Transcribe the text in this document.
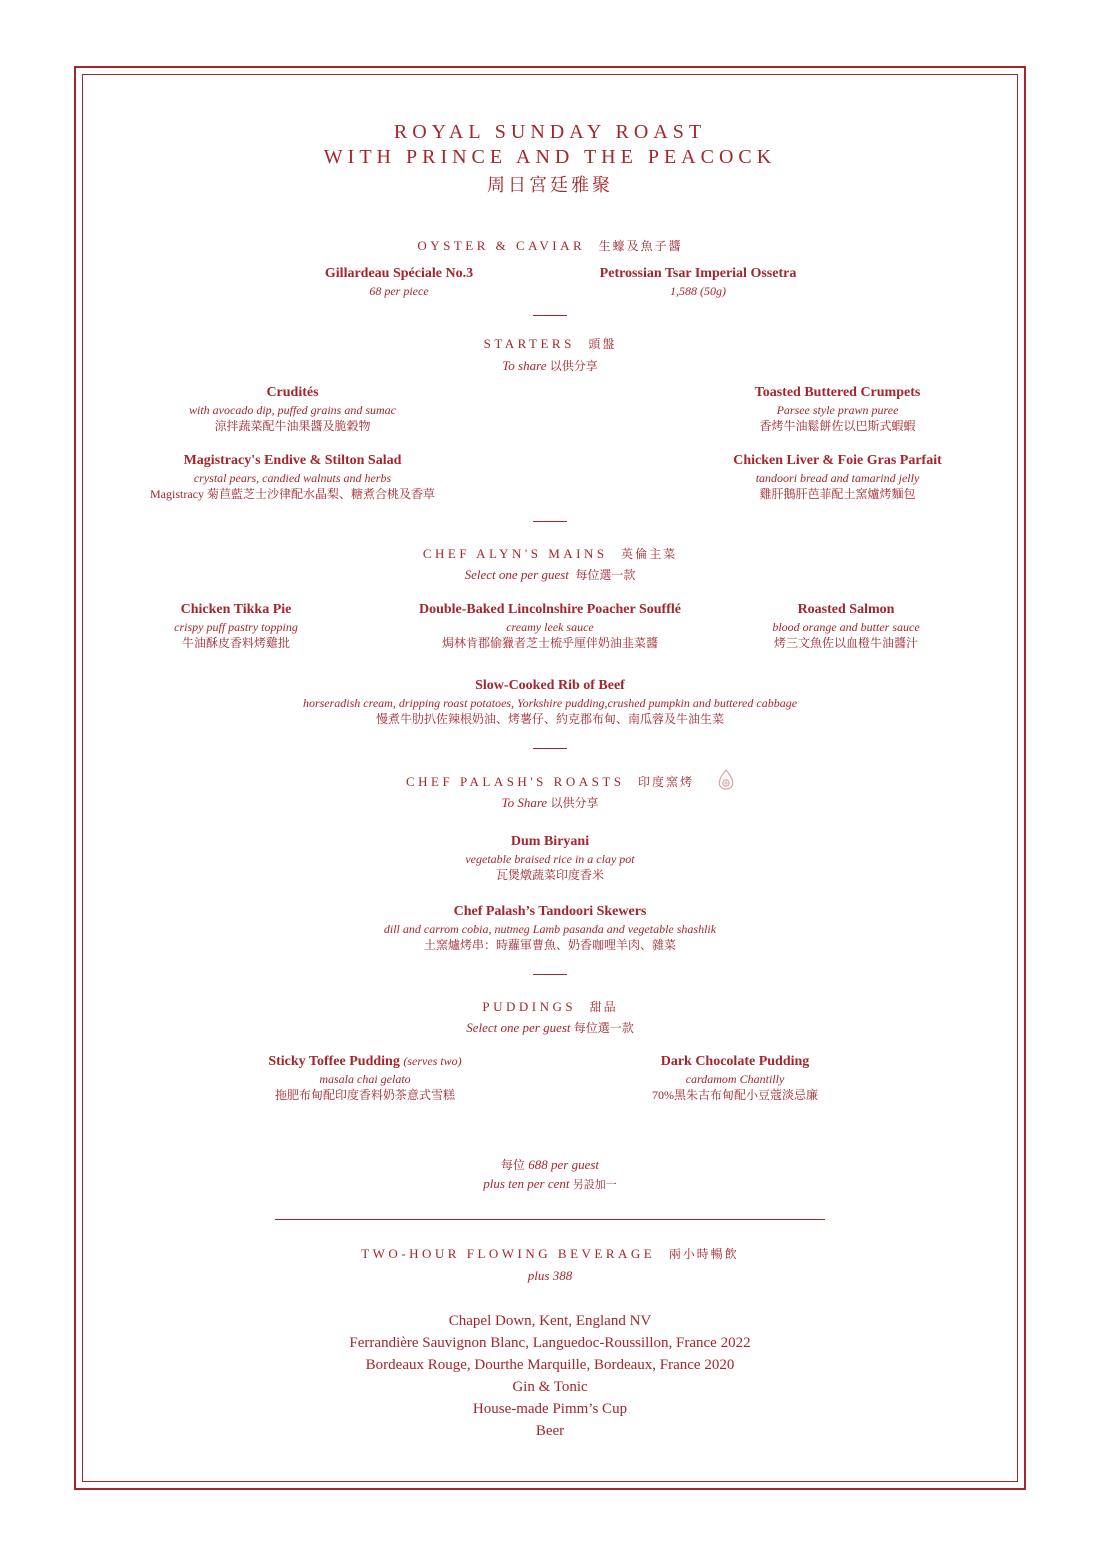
ROYAL SUNDAY ROAST
WITH PRINCE AND THE PEACOCK
周日宮廷雅聚
OYSTER & CAVIAR 生蠔及魚子醬
Gillardeau Spéciale No.3
68 per piece
Petrossian Tsar Imperial Ossetra
1,588 (50g)
STARTERS 頭盤
To share 以供分享
Crudités
with avocado dip, puffed grains and sumac
涼拌蔬菜配牛油果醬及脆穀物
Toasted Buttered Crumpets
Parsee style prawn puree
香烤牛油鬆餅佐以巴斯式蝦蝦
Magistracy's Endive & Stilton Salad
crystal pears, candied walnuts and herbs
Magistracy 菊苣藍芝士沙律配水晶梨、糖煮合桃及香草
Chicken Liver & Foie Gras Parfait
tandoori bread and tamarind jelly
雞肝鵝肝芭菲配土窯爐烤麵包
CHEF ALYN'S MAINS 英倫主菜
Select one per guest 每位選一款
Chicken Tikka Pie
crispy puff pastry topping
牛油酥皮香料烤雞批
Double-Baked Lincolnshire Poacher Soufflé
creamy leek sauce
焗林肯郡偷獵者芝士梳乎厘伴奶油韭菜醬
Roasted Salmon
blood orange and butter sauce
烤三文魚佐以血橙牛油醬汁
Slow-Cooked Rib of Beef
horseradish cream, dripping roast potatoes, Yorkshire pudding,crushed pumpkin and buttered cabbage
慢煮牛肋扒佐辣根奶油、烤薯仔、約克郡布甸、南瓜蓉及牛油生菜
CHEF PALASH'S ROASTS 印度窯烤
To Share 以供分享
Dum Biryani
vegetable braised rice in a clay pot
瓦煲燉蔬菜印度香米
Chef Palash’s Tandoori Skewers
dill and carrom cobia, nutmeg Lamb pasanda and vegetable shashlik
土窯爐烤串：時蘿軍曹魚、奶香咖哩羊肉、雜菜
PUDDINGS 甜品
Select one per guest 每位選一款
Sticky Toffee Pudding (serves two)
masala chai gelato
拖肥布甸配印度香料奶茶意式雪糕
Dark Chocolate Pudding
cardamom Chantilly
70%黑朱古布甸配小豆蔻淡忌廉
每位 688 per guest
plus ten per cent 另設加一
TWO-HOUR FLOWING BEVERAGE 兩小時暢飲
plus 388
Chapel Down, Kent, England NV
Ferrandière Sauvignon Blanc, Languedoc-Roussillon, France 2022
Bordeaux Rouge, Dourthe Marquille, Bordeaux, France 2020
Gin & Tonic
House-made Pimm’s Cup
Beer
